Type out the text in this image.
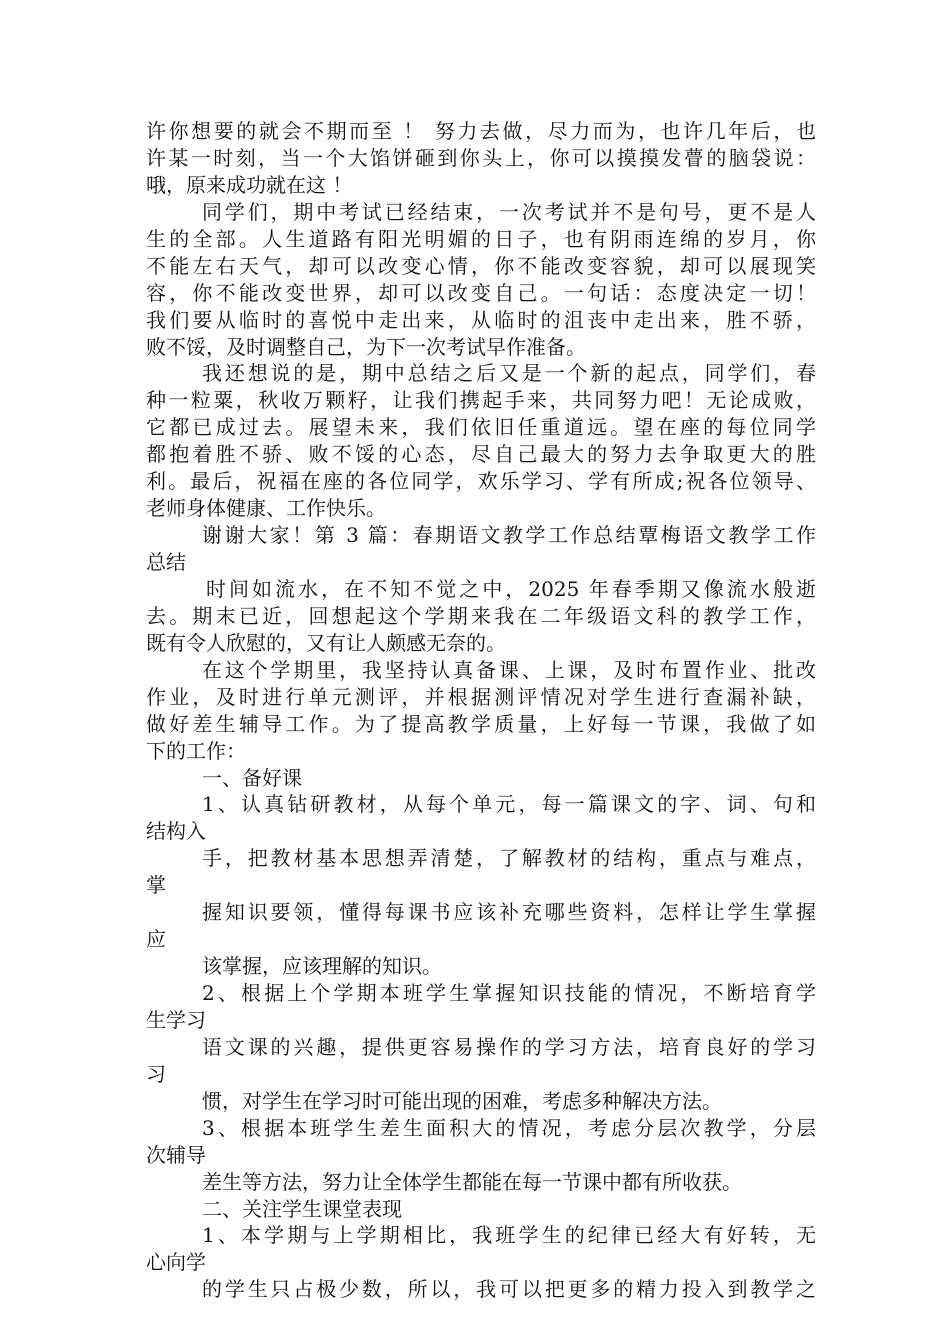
许你想要的就会不期而至 ！ 努力去做，尽力而为，也许几年后，也
许某一时刻，当一个大馅饼砸到你头上，你可以摸摸发瞢的脑袋说：
哦，原来成功就在这 ！
同学们，期中考试已经结束，一次考试并不是句号，更不是人
生的全部。人生道路有阳光明媚的日子，也有阴雨连绵的岁月，你
不能左右天气，却可以改变心情，你不能改变容貌，却可以展现笑
容，你不能改变世界，却可以改变自己。一句话：态度决定一切！
我们要从临时的喜悦中走出来，从临时的沮丧中走出来，胜不骄，
败不馁，及时调整自己，为下一次考试早作准备。
我还想说的是，期中总结之后又是一个新的起点，同学们，春
种一粒粟，秋收万颗籽，让我们携起手来，共同努力吧！无论成败，
它都已成过去。展望未来，我们依旧任重道远。望在座的每位同学
都抱着胜不骄、败不馁的心态，尽自己最大的努力去争取更大的胜
利。最后，祝福在座的各位同学，欢乐学习、学有所成;祝各位领导、
老师身体健康、工作快乐。
谢谢大家！第 3 篇：春期语文教学工作总结覃梅语文教学工作
总结
时间如流水，在不知不觉之中，2025 年春季期又像流水般逝
去。期末已近，回想起这个学期来我在二年级语文科的教学工作，
既有令人欣慰的，又有让人颇感无奈的。
在这个学期里，我坚持认真备课、上课，及时布置作业、批改
作业，及时进行单元测评，并根据测评情况对学生进行查漏补缺，
做好差生辅导工作。为了提高教学质量，上好每一节课，我做了如
下的工作：
一、备好课
1、认真钻研教材，从每个单元，每一篇课文的字、词、句和
结构入
手，把教材基本思想弄清楚，了解教材的结构，重点与难点，
掌
握知识要领，懂得每课书应该补充哪些资料，怎样让学生掌握
应
该掌握，应该理解的知识。
2、根据上个学期本班学生掌握知识技能的情况，不断培育学
生学习
语文课的兴趣，提供更容易操作的学习方法，培育良好的学习
习
惯，对学生在学习时可能出现的困难，考虑多种解决方法。
3、根据本班学生差生面积大的情况，考虑分层次教学，分层
次辅导
差生等方法，努力让全体学生都能在每一节课中都有所收获。
二、关注学生课堂表现
1、本学期与上学期相比，我班学生的纪律已经大有好转，无
心向学
的学生只占极少数，所以，我可以把更多的精力投入到教学之
